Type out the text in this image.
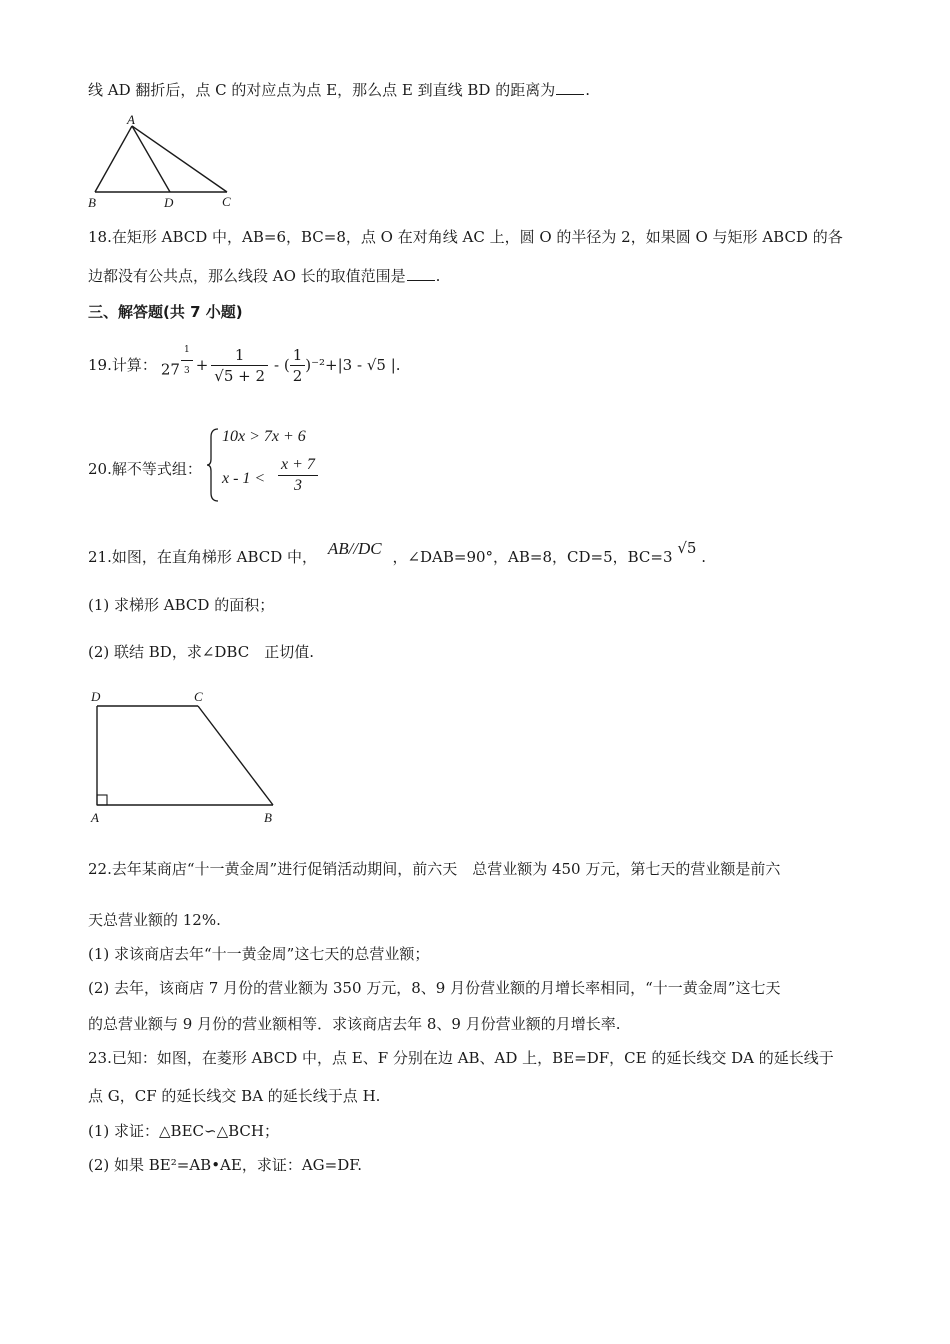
线 AD 翻折后，点 C 的对应点为点 E，那么点 E 到直线 BD 的距离为 .
A
B	D	C
18.在矩形 ABCD 中，AB=6，BC=8，点 O 在对角线 AC 上，圆 O 的半径为 2，如果圆 O 与矩形 ABCD 的各
边都没有公共点，那么线段 AO 长的取值范围是 .
三、解答题(共 7 小题)
19.计算： $27 \frac{1}{3} + \frac{1}{√5 + 2}$ - ( $\frac{1}{2} )^{-2}+|3 - √5$ |.
20.解不等式组：
10x > 7x + 6
$x - 1 < \frac{x + 7}{3}$
21.如图，在直角梯形 ABCD 中， AB//DC ，∠DAB=90°，AB=8，CD=5，BC=3 √5 .
(1) 求梯形 ABCD 的面积；
(2) 联结 BD，求∠DBC　正切值.
D	C
A	B
22.去年某商店“十一黄金周”进行促销活动期间，前六天　总营业额为 450 万元，第七天的营业额是前六
天总营业额的 12%.
(1) 求该商店去年“十一黄金周”这七天的总营业额；
(2) 去年，该商店 7 月份的营业额为 350 万元，8、9 月份营业额的月增长率相同，“十一黄金周”这七天
的总营业额与 9 月份的营业额相等．求该商店去年 8、9 月份营业额的月增长率.
23.已知：如图，在菱形 ABCD 中，点 E、F 分别在边 AB、AD 上，BE=DF，CE 的延长线交 DA 的延长线于
点 G，CF 的延长线交 BA 的延长线于点 H.
(1) 求证：△BEC∽△BCH；
(2) 如果 BE²=AB•AE，求证：AG=DF.
